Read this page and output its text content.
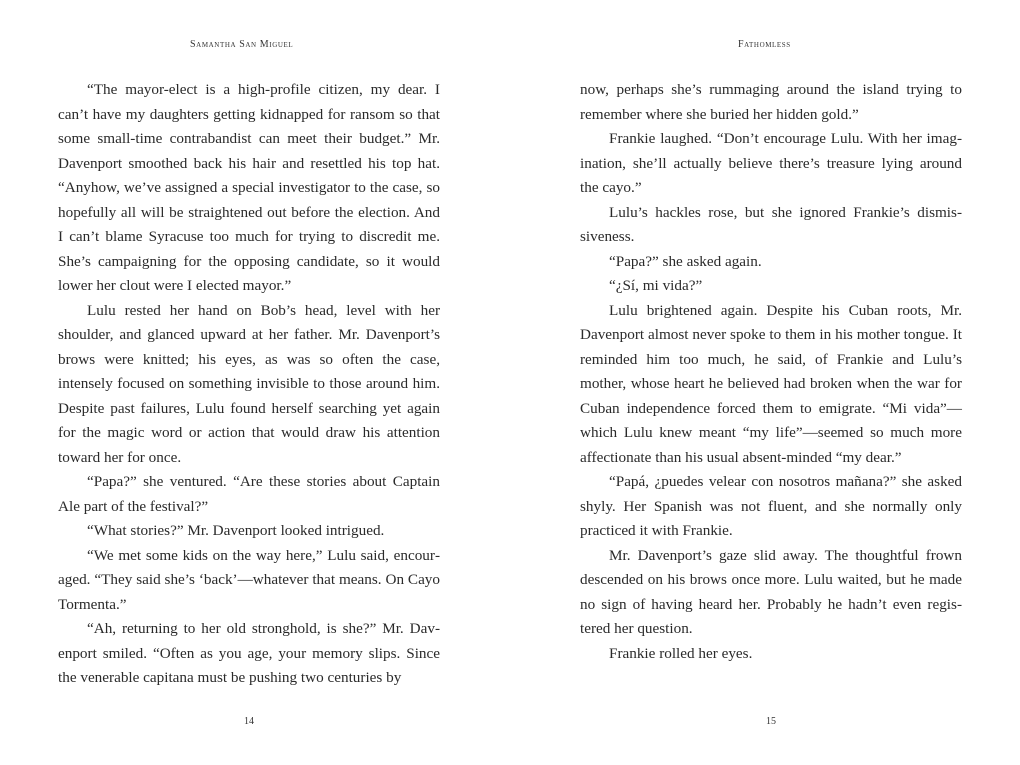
Samantha San Miguel

“The mayor-elect is a high-profile citizen, my dear. I can’t have my daughters getting kidnapped for ransom so that some small-time contrabandist can meet their budget.” Mr. Davenport smoothed back his hair and resettled his top hat. “Anyhow, we’ve assigned a special investigator to the case, so hopefully all will be straightened out before the election. And I can’t blame Syracuse too much for trying to discredit me. She’s campaigning for the opposing candidate, so it would lower her clout were I elected mayor.”

Lulu rested her hand on Bob’s head, level with her shoulder, and glanced upward at her father. Mr. Davenport’s brows were knitted; his eyes, as was so often the case, intensely focused on something invisible to those around him. Despite past failures, Lulu found herself searching yet again for the magic word or action that would draw his attention toward her for once.

“Papa?” she ventured. “Are these stories about Captain Ale part of the festival?”

“What stories?” Mr. Davenport looked intrigued.

“We met some kids on the way here,” Lulu said, encouraged. “They said she’s ‘back’—whatever that means. On Cayo Tormenta.”

“Ah, returning to her old stronghold, is she?” Mr. Davenport smiled. “Often as you age, your memory slips. Since the venerable capitana must be pushing two centuries by

14
Fathomless

now, perhaps she’s rummaging around the island trying to remember where she buried her hidden gold.”

Frankie laughed. “Don’t encourage Lulu. With her imagination, she’ll actually believe there’s treasure lying around the cayo.”

Lulu’s hackles rose, but she ignored Frankie’s dismissiveness.

“Papa?” she asked again.

“¿Sí, mi vida?”

Lulu brightened again. Despite his Cuban roots, Mr. Davenport almost never spoke to them in his mother tongue. It reminded him too much, he said, of Frankie and Lulu’s mother, whose heart he believed had broken when the war for Cuban independence forced them to emigrate. “Mi vida”—which Lulu knew meant “my life”—seemed so much more affectionate than his usual absent-minded “my dear.”

“Papá, ¿puedes velear con nosotros mañana?” she asked shyly. Her Spanish was not fluent, and she normally only practiced it with Frankie.

Mr. Davenport’s gaze slid away. The thoughtful frown descended on his brows once more. Lulu waited, but he made no sign of having heard her. Probably he hadn’t even registered her question.

Frankie rolled her eyes.

15
